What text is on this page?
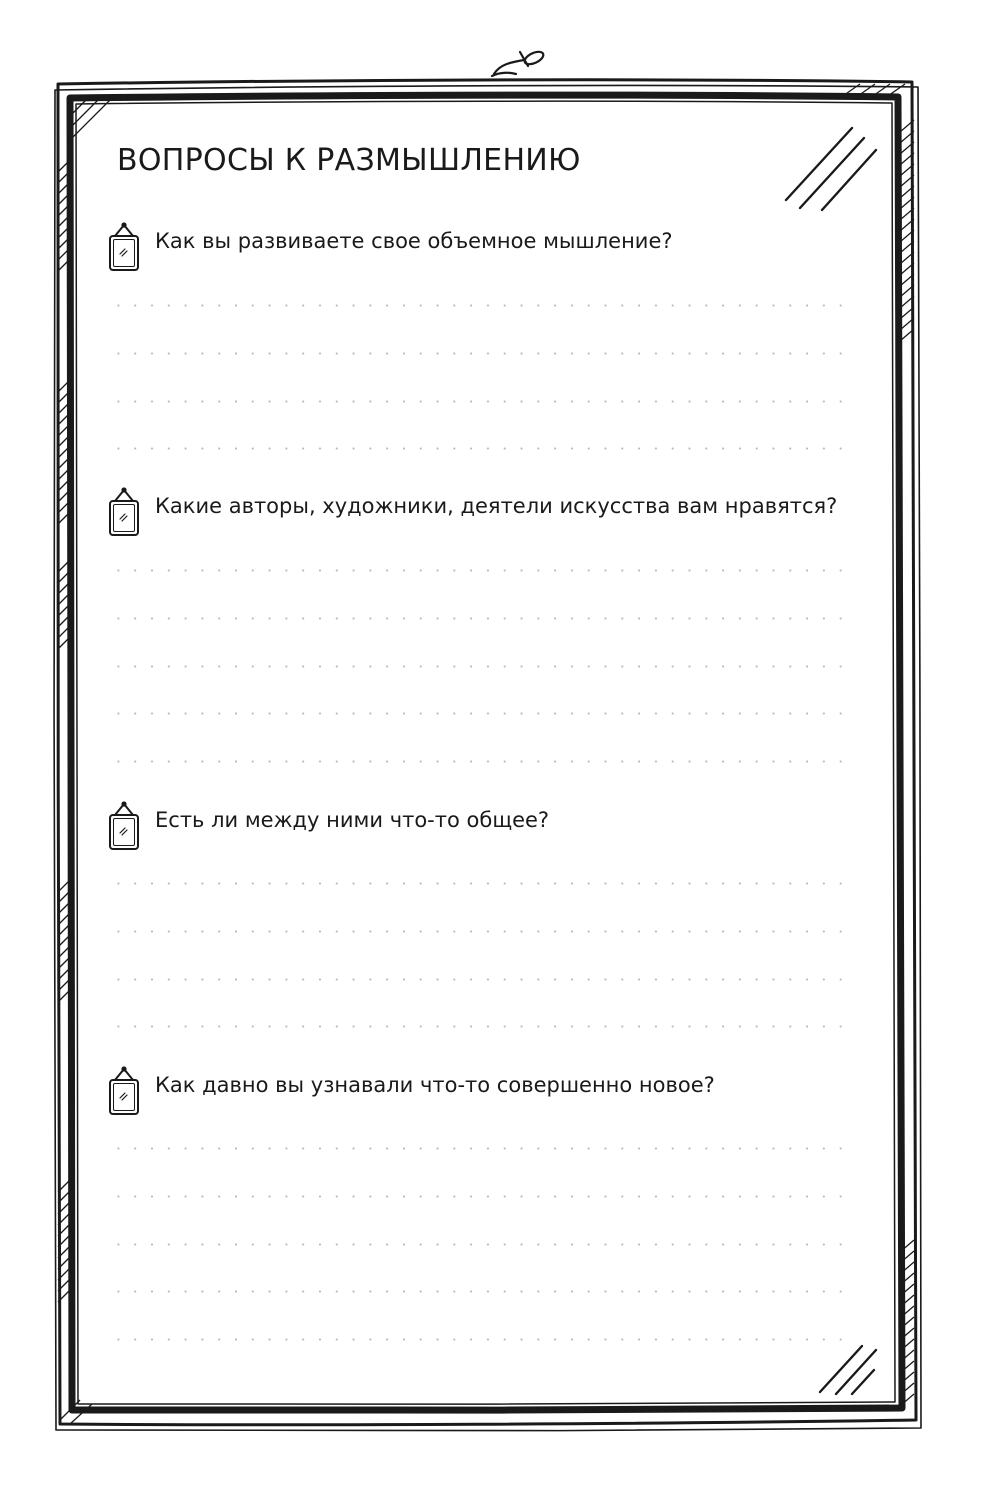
ВОПРОСЫ К РАЗМЫШЛЕНИЮ
Как вы развиваете свое объемное мышление?
Какие авторы, художники, деятели искусства вам нравятся?
Есть ли между ними что-то общее?
Как давно вы узнавали что-то совершенно новое?
